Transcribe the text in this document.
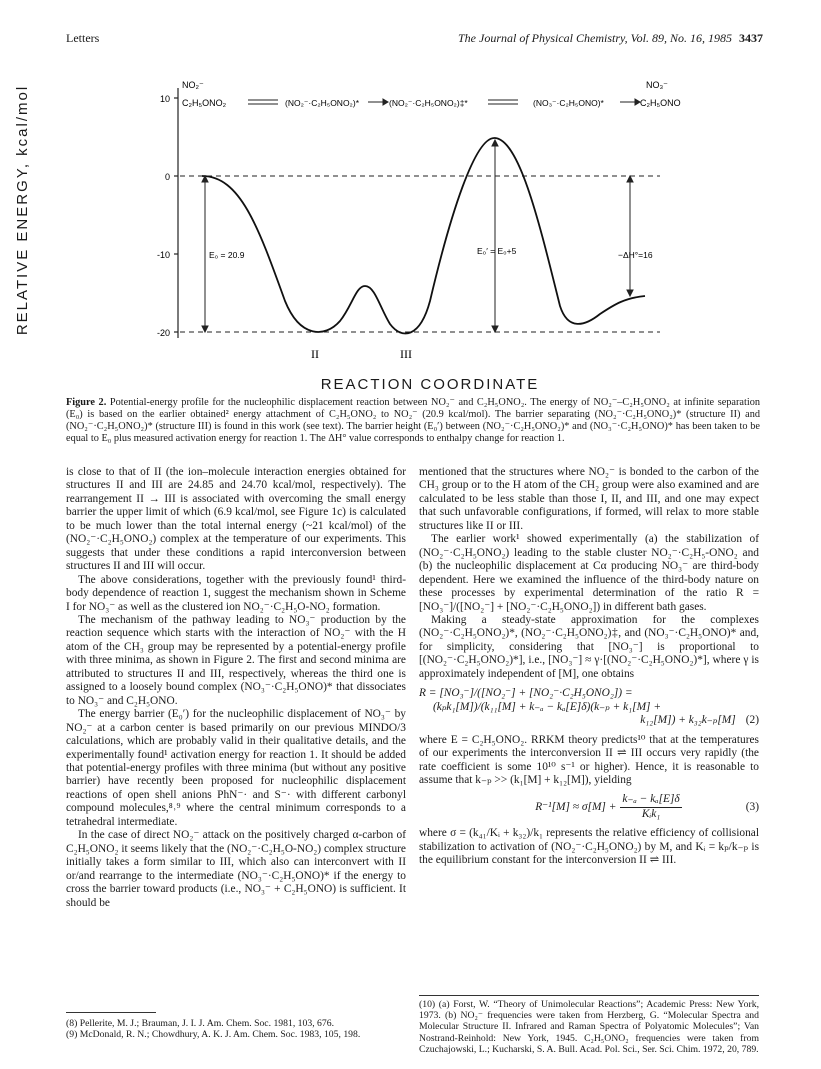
Letters	The Journal of Physical Chemistry, Vol. 89, No. 16, 1985 3437
RELATIVE ENERGY, kcal/mol	10
0
-10
-20
NO₂⁻
C₂H₅ONO₂	(NO₂⁻·C₂H₅ONO₂)*	(NO₂⁻·C₂H₅ONO₂)‡*	(NO₃⁻·C₂H₅ONO)*
NO₃⁻
C₂H₅ONO
E₀ = 20.9	E₀′ = E₀+5	−ΔH°=16
II	III
REACTION COORDINATE
Figure 2. Potential-energy profile for the nucleophilic displacement reaction between NO₂⁻ and C₂H₅ONO₂. The energy of NO₂⁻–C₂H₅ONO₂ at infinite separation (E₀) is based on the earlier obtained² energy attachment of C₂H₅ONO₂ to NO₂⁻ (20.9 kcal/mol). The barrier separating (NO₂⁻·C₂H₅ONO₂)* (structure II) and (NO₂⁻·C₂H₅ONO₂)* (structure III) is found in this work (see text). The barrier height (E₀′) between (NO₂⁻·C₂H₅ONO₂)* and (NO₃⁻·C₂H₅ONO)* has been taken to be equal to E₀ plus measured activation energy for reaction 1. The ΔH° value corresponds to enthalpy change for reaction 1.

is close to that of II (the ion–molecule interaction energies obtained for structures II and III are 24.85 and 24.70 kcal/mol, respectively). The rearrangement II → III is associated with overcoming the small energy barrier the upper limit of which (6.9 kcal/mol, see Figure 1c) is calculated to be much lower than the total internal energy (~21 kcal/mol) of the (NO₂⁻·C₂H₅ONO₂) complex at the temperature of our experiments. This suggests that under these conditions a rapid interconversion between structures II and III will occur.

The above considerations, together with the previously found¹ third-body dependence of reaction 1, suggest the mechanism shown in Scheme I for NO₃⁻ as well as the clustered ion NO₂⁻·C₂H₅O-NO₂ formation.

The mechanism of the pathway leading to NO₃⁻ production by the reaction sequence which starts with the interaction of NO₂⁻ with the H atom of the CH₃ group may be represented by a potential-energy profile with three minima, as shown in Figure 2. The first and second minima are attributed to structures II and III, respectively, whereas the third one is assigned to a loosely bound complex (NO₃⁻·C₂H₅ONO)* that dissociates to NO₃⁻ and C₂H₅ONO.

The energy barrier (E₀′) for the nucleophilic displacement of NO₃⁻ by NO₂⁻ at a carbon center is based primarily on our previous MINDO/3 calculations, which are probably valid in their qualitative details, and the experimentally found¹ activation energy for reaction 1. It should be added that potential-energy profiles with three minima (but without any positive barrier) have recently been proposed for nucleophilic displacement reactions of open shell anions PhN⁻· and S⁻· with different carbonyl compound molecules,⁸˒⁹ where the central minimum corresponds to a tetrahedral intermediate.

In the case of direct NO₂⁻ attack on the positively charged α-carbon of C₂H₅ONO₂ it seems likely that the (NO₂⁻·C₂H₅O-NO₂) complex structure initially takes a form similar to III, which also can interconvert with II or/and rearrange to the intermediate (NO₃⁻·C₂H₅ONO)* if the energy to cross the barrier toward products (i.e., NO₃⁻ + C₂H₅ONO) is sufficient. It should be

mentioned that the structures where NO₂⁻ is bonded to the carbon of the CH₃ group or to the H atom of the CH₂ group were also examined and are calculated to be less stable than those I, II, and III, and one may expect that such unfavorable configurations, if formed, will relax to more stable structures like II or III.

The earlier work¹ showed experimentally (a) the stabilization of (NO₂⁻·C₂H₅ONO₂) leading to the stable cluster NO₂⁻·C₂H₅-ONO₂ and (b) the nucleophilic displacement at Cα producing NO₃⁻ are third-body dependent. Here we examined the influence of the third-body nature on these processes by experimental determination of the ratio R = [NO₃⁻]/([NO₂⁻] + [NO₂⁻·C₂H₅ONO₂]) in different bath gases.

Making a steady-state approximation for the complexes (NO₂⁻·C₂H₅ONO₂)*, (NO₂⁻·C₂H₅ONO₂)‡, and (NO₃⁻·C₂H₅ONO)* and, for simplicity, considering that [NO₃⁻] is proportional to [(NO₂⁻·C₂H₅ONO₂)*], i.e., [NO₃⁻] ≈ γ·[(NO₂⁻·C₂H₅ONO₂)*], where γ is approximately independent of [M], one obtains

R = [NO₃⁻]/([NO₂⁻] + [NO₂⁻·C₂H₅ONO₂]) =
(kₚk₁[M])/(k₁₁[M] + k₋ₐ − kₐ[E]δ)(k₋ₚ + k₁[M] +
k₁₂[M]) + k₃₂k₋ₚ[M] (2)

where E = C₂H₅ONO₂. RRKM theory predicts¹⁰ that at the temperatures of our experiments the interconversion II ⇌ III occurs very rapidly (the rate coefficient is some 10¹⁰ s⁻¹ or higher). Hence, it is reasonable to assume that k₋ₚ >> (k₁[M] + k₁₂[M]), yielding

R⁻¹[M] ≈ σ[M] +
k₋ₐ − kₐ[E]δ
Kᵢk₁
(3)

where σ = (k₄₁/Kᵢ + k₃₂)/k₁ represents the relative efficiency of collisional stabilization to activation of (NO₂⁻·C₂H₅ONO₂) by M, and Kᵢ = kₚ/k₋ₚ is the equilibrium constant for the interconversion II ⇌ III.

(8) Pellerite, M. J.; Brauman, J. I. J. Am. Chem. Soc. 1981, 103, 676.
(9) McDonald, R. N.; Chowdhury, A. K. J. Am. Chem. Soc. 1983, 105, 198.
(10) (a) Forst, W. “Theory of Unimolecular Reactions”; Academic Press: New York, 1973. (b) NO₂⁻ frequencies were taken from Herzberg, G. “Molecular Spectra and Molecular Structure II. Infrared and Raman Spectra of Polyatomic Molecules”; Van Nostrand-Reinhold: New York, 1945. C₂H₅ONO₂ frequencies were taken from Czuchajowski, L.; Kucharski, S. A. Bull. Acad. Pol. Sci., Ser. Sci. Chim. 1972, 20, 789.
